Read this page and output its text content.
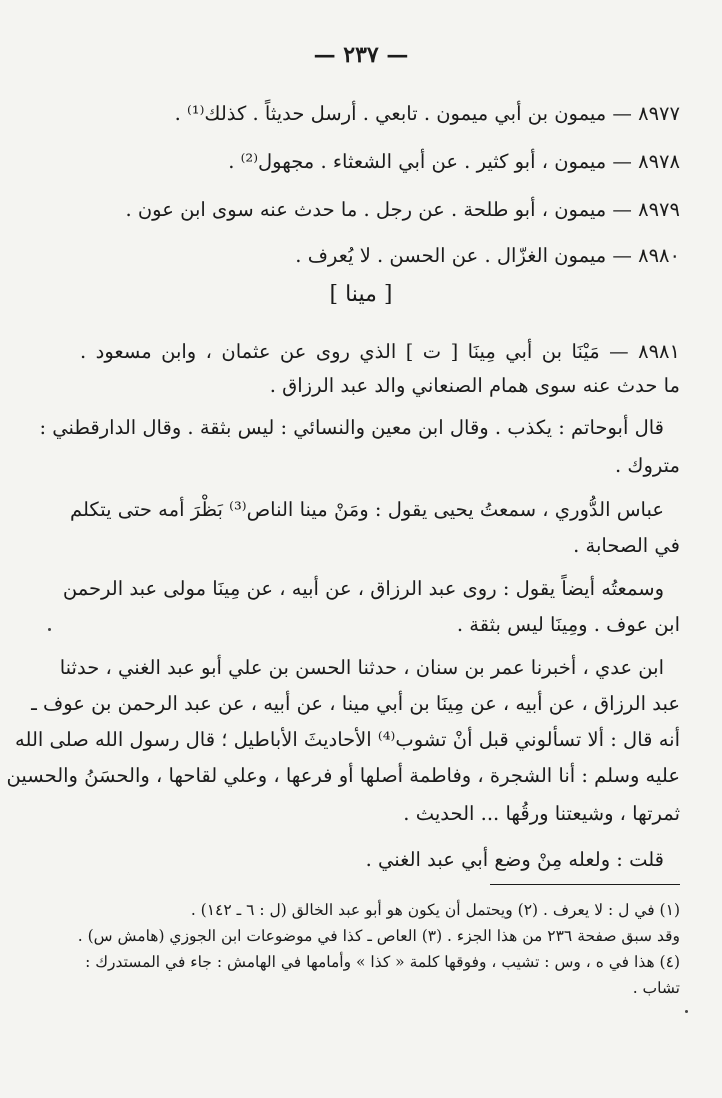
— ٢٣٧ —
٨٩٧٧ — ميمون بن أبي ميمون . تابعي . أرسل حديثاً . كذلك⁽¹⁾ .
٨٩٧٨ — ميمون ، أبو كثير . عن أبي الشعثاء . مجهول⁽²⁾ .
٨٩٧٩ — ميمون ، أبو طلحة . عن رجل . ما حدث عنه سوى ابن عون .
٨٩٨٠ — ميمون الغزّال . عن الحسن . لا يُعرف .
[ مينا ]
٨٩٨١ — مَيْنَا بن أبي مِينَا [ ت ] الذي روى عن عثمان ، وابن مسعود .
ما حدث عنه سوى همام الصنعاني والد عبد الرزاق .
قال أبوحاتم : يكذب . وقال ابن معين والنسائي : ليس بثقة . وقال الدارقطني :
متروك .
عباس الدُّوري ، سمعتُ يحيى يقول : ومَنْ مينا الناص⁽³⁾ بَظْرَ أمه حتى يتكلم
في الصحابة .
وسمعتُه أيضاً يقول : روى عبد الرزاق ، عن أبيه ، عن مِينَا مولى عبد الرحمن
ابن عوف . ومِينَا ليس بثقة .
ابن عدي ، أخبرنا عمر بن سنان ، حدثنا الحسن بن علي أبو عبد الغني ، حدثنا
عبد الرزاق ، عن أبيه ، عن مِينَا بن أبي مينا ، عن أبيه ، عن عبد الرحمن بن عوف ـ
أنه قال : ألا تسألوني قبل أنْ تشوب⁽⁴⁾ الأحاديثَ الأباطيل ؛ قال رسول الله صلى الله
عليه وسلم : أنا الشجرة ، وفاطمة أصلها أو فرعها ، وعلي لقاحها ، والحسَنُ والحسين
ثمرتها ، وشيعتنا ورقُها ... الحديث .
قلت : ولعله مِنْ وضع أبي عبد الغني .
(١) في ل : لا يعرف . (٢) ويحتمل أن يكون هو أبو عبد الخالق (ل : ٦ ـ ١٤٢) .
وقد سبق صفحة ٢٣٦ من هذا الجزء . (٣) العاص ـ كذا في موضوعات ابن الجوزي (هامش س) .
(٤) هذا في ه ، وس : تشيب ، وفوقها كلمة « كذا » وأمامها في الهامش : جاء في المستدرك :
تشاب .
